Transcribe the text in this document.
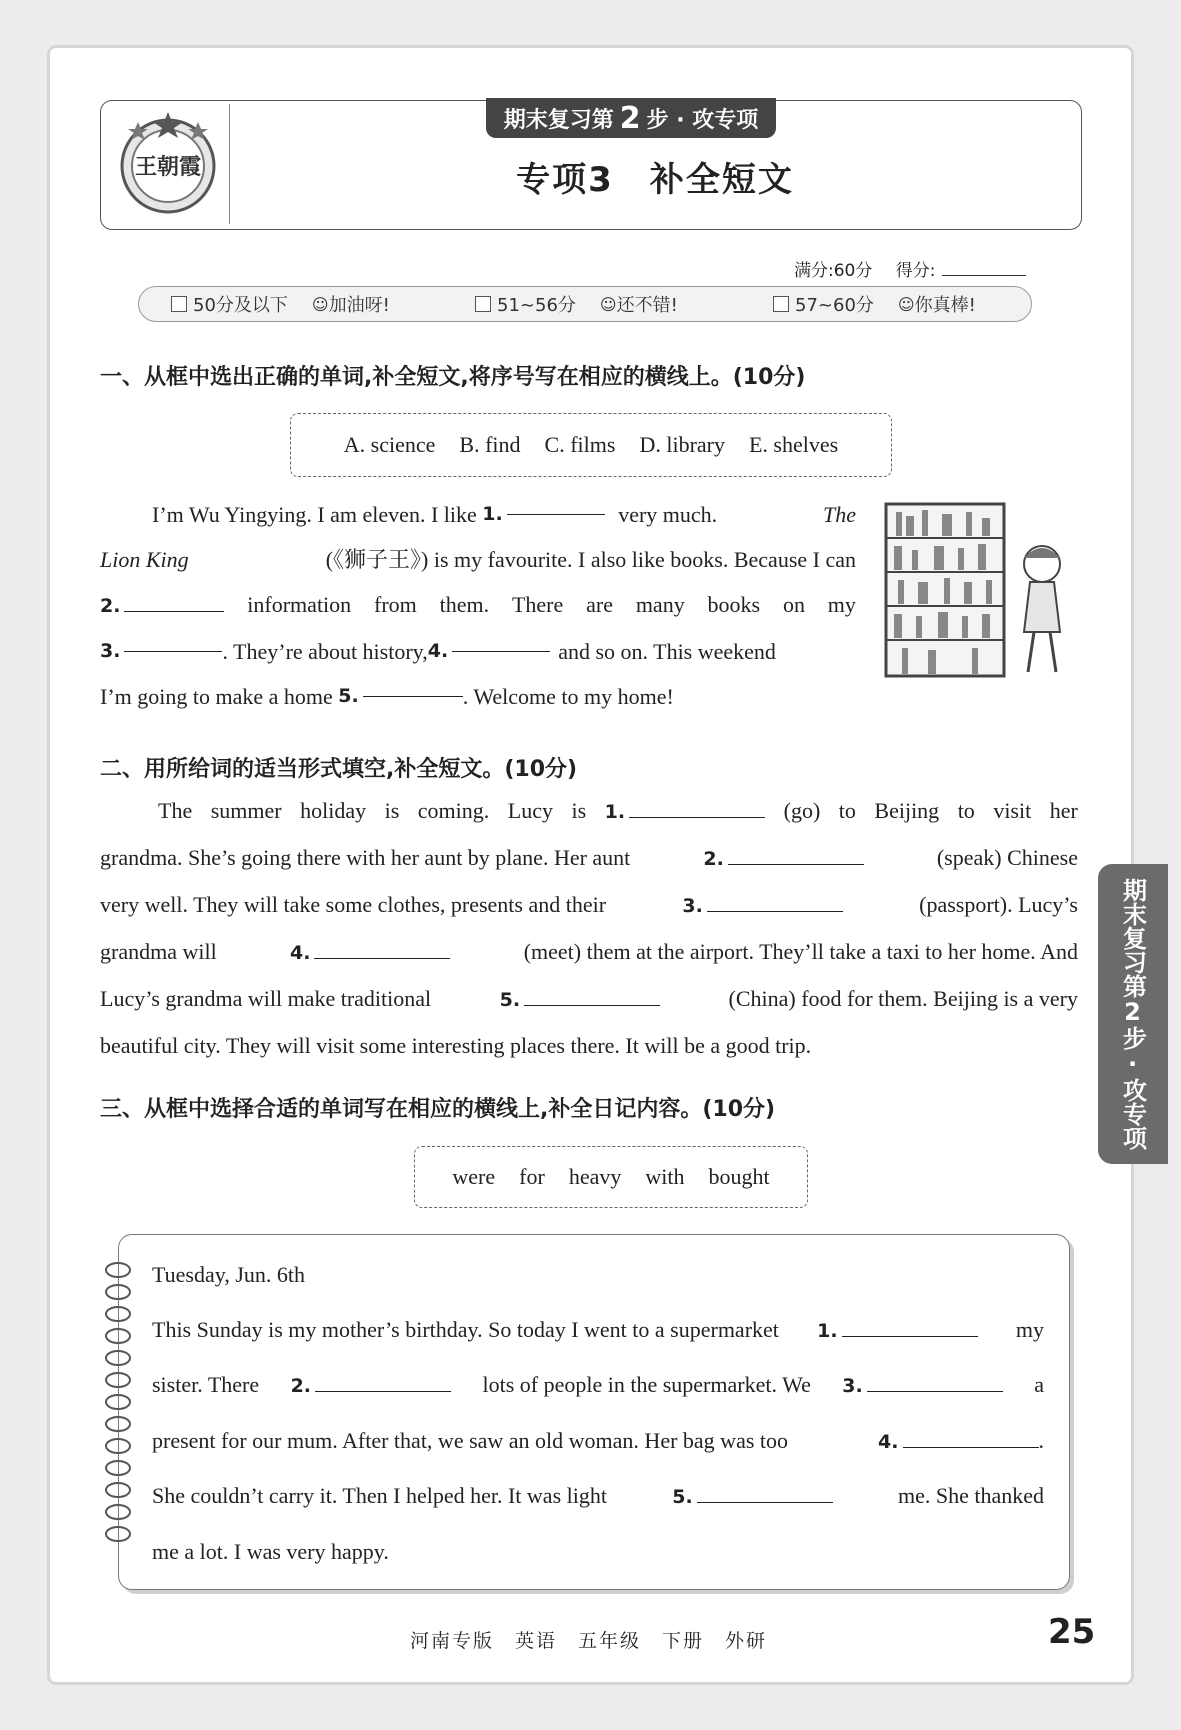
王朝霞
期末复习第 2 步 · 攻专项
专项3　补全短文
满分:60分 得分:
50分及以下 ☺ 加油呀!	51~56分 ☺ 还不错!	57~60分 ☺ 你真棒!
一、从框中选出正确的单词,补全短文,将序号写在相应的横线上。(10分)
A. science B. find C. films D. library E. shelves
I’m Wu Yingying. I am eleven. I like 1.	very much.	The
Lion King	(《狮子王》) is my favourite. I also like books. Because I can
2.	information from them. There are many books on my
3.	. They’re about history, 4.	and so on. This weekend
I’m going to make a home 5.	. Welcome to my home!
二、用所给词的适当形式填空,补全短文。(10分)
The summer holiday is coming. Lucy is 1.	(go) to Beijing to visit her
grandma. She’s going there with her aunt by plane. Her aunt	2.	(speak) Chinese
very well. They will take some clothes, presents and their	3.	(passport). Lucy’s
grandma will	4.	(meet) them at the airport. They’ll take a taxi to her home. And
Lucy’s grandma will make traditional	5.	(China) food for them. Beijing is a very
beautiful city. They will visit some interesting places there. It will be a good trip.	期末复习第2步·攻专项
三、从框中选择合适的单词写在相应的横线上,补全日记内容。(10分)
were for heavy with bought
Tuesday, Jun. 6th
This Sunday is my mother’s birthday. So today I went to a supermarket 1.	my
sister. There 2.	lots of people in the supermarket. We 3.	a
present for our mum. After that, we saw an old woman. Her bag was too	4.	.
She couldn’t carry it. Then I helped her. It was light	5.	me. She thanked
me a lot. I was very happy.
河南专版　英语　五年级　下册　外研	25
